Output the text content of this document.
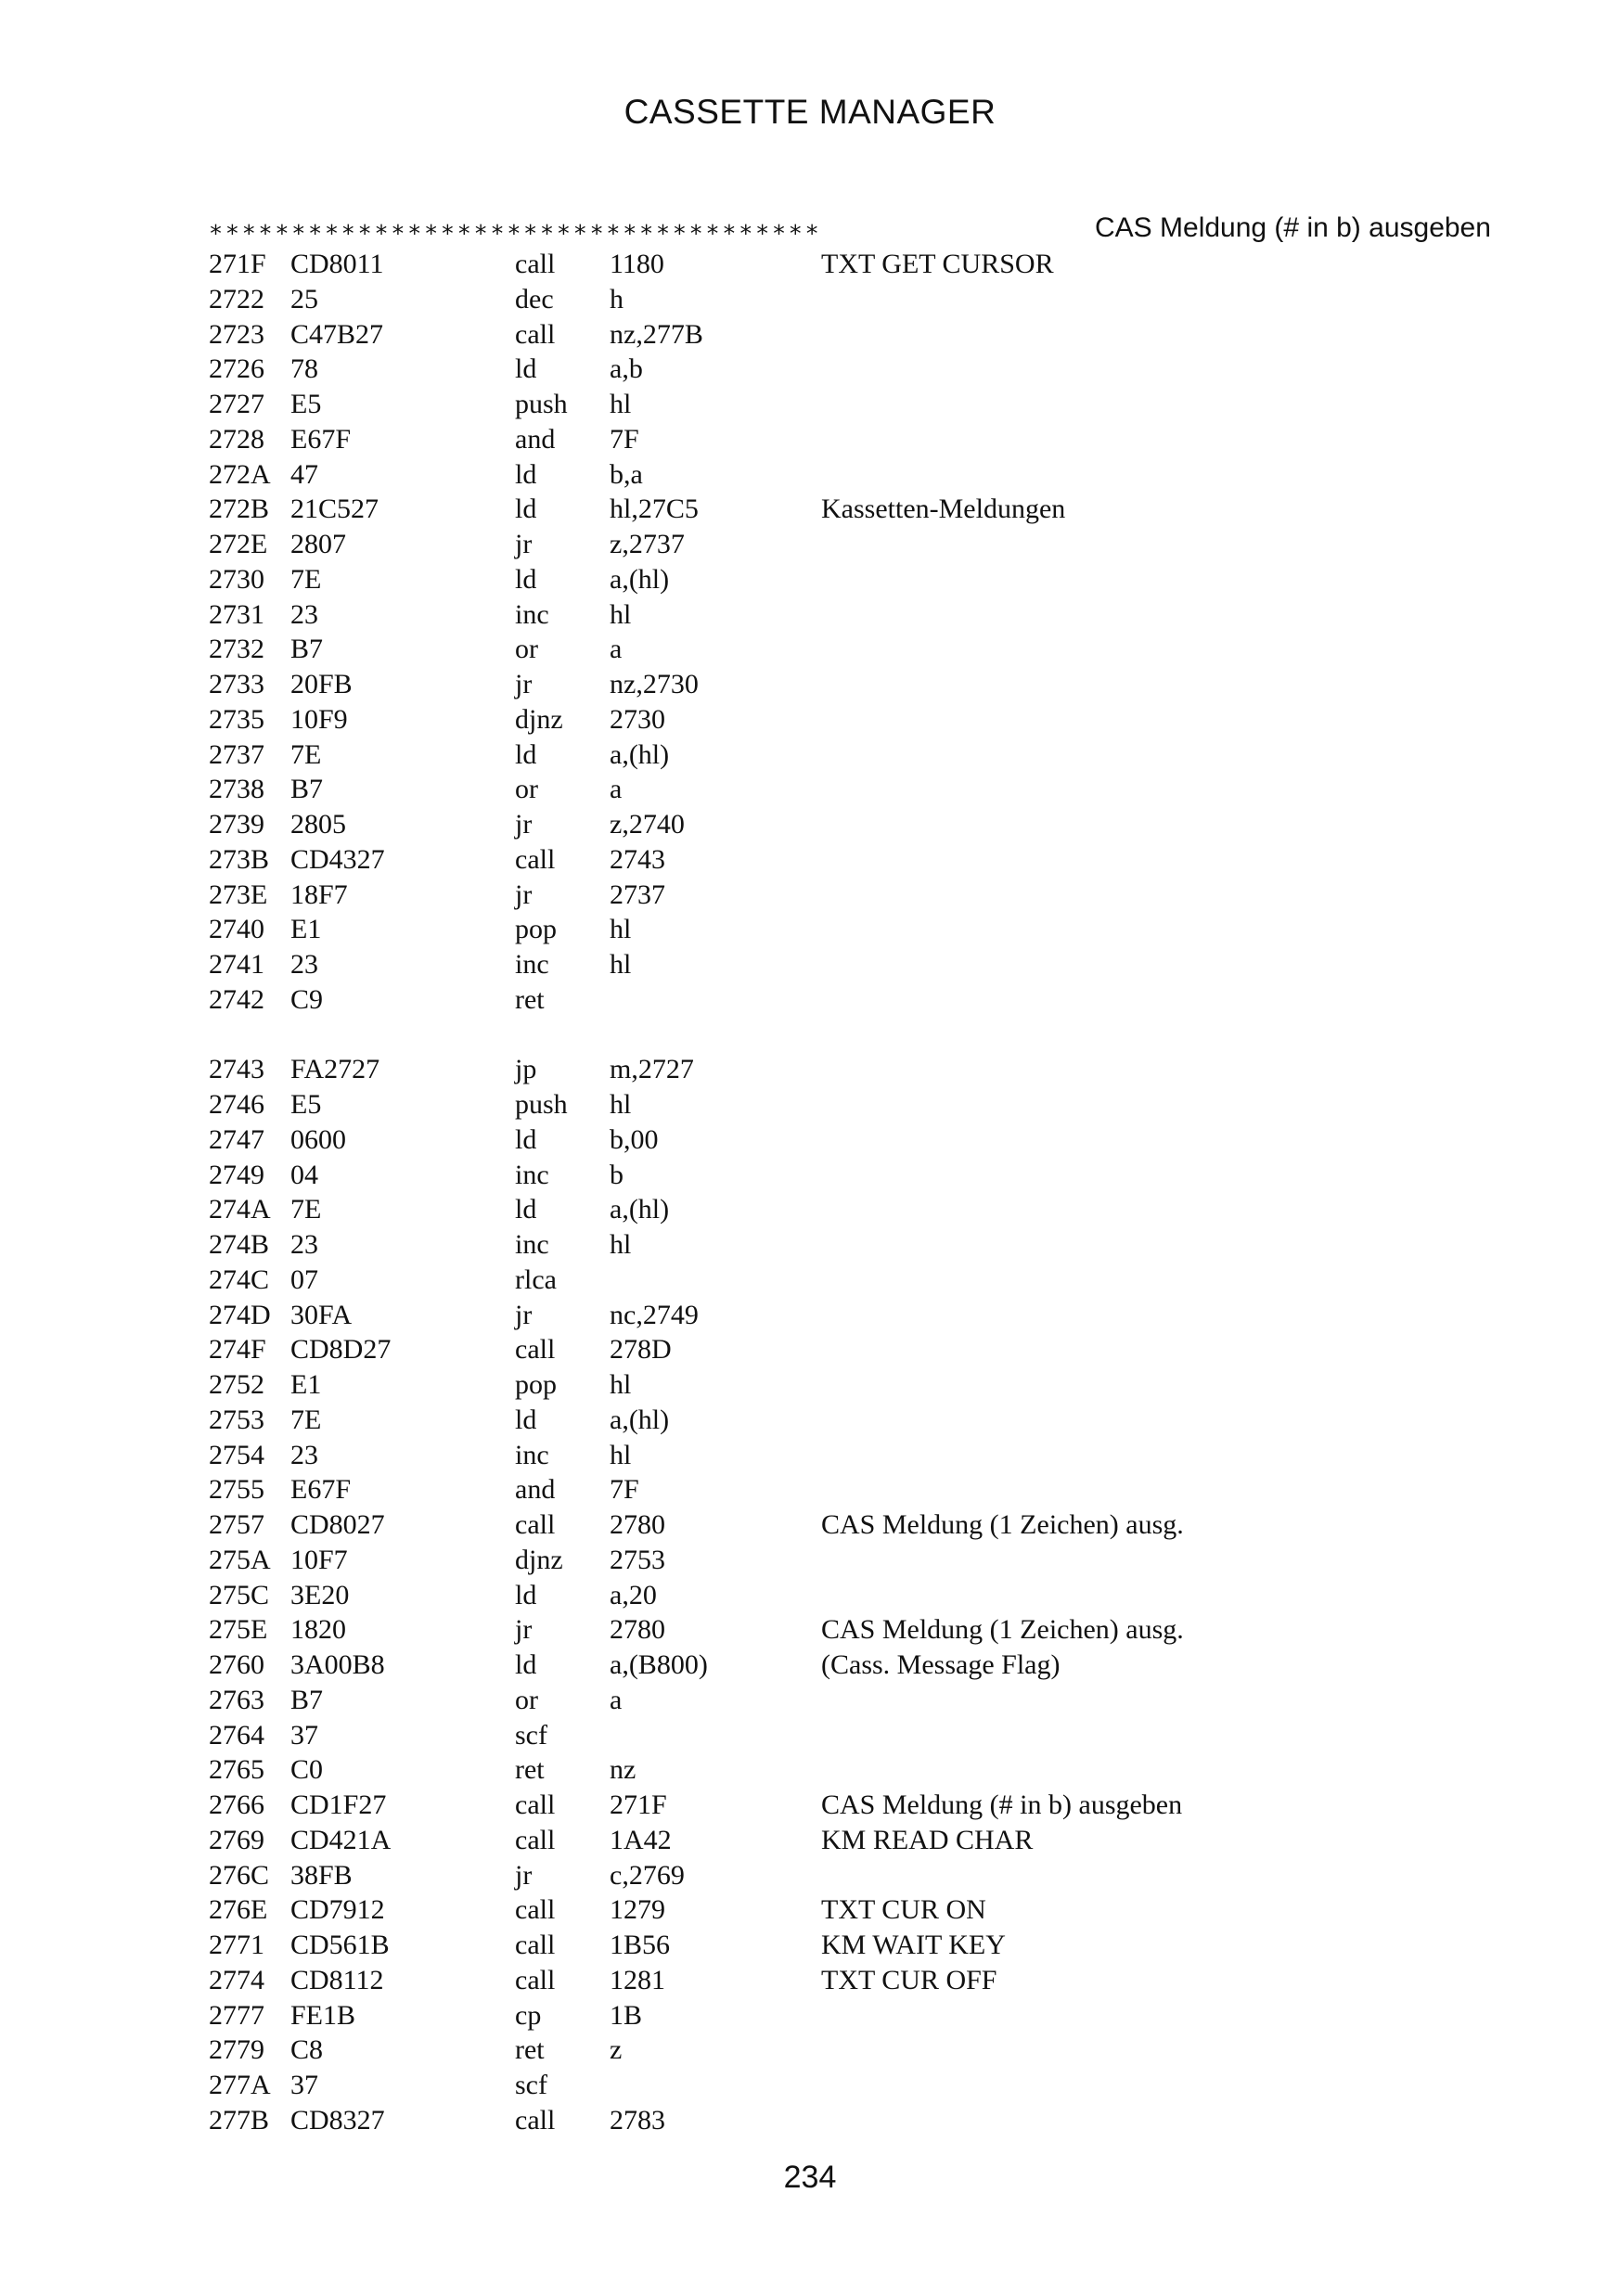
CASSETTE MANAGER
*************************************	CAS Meldung (# in b) ausgeben
271F CD8011	call 1180	TXT GET CURSOR
2722 25	dec h
2723 C47B27	call nz,277B
2726 78	ld	a,b
2727 E5	push hl
2728 E67F	and 7F
272A 47	ld	b,a
272B 21C527	ld	hl,27C5	Kassetten-Meldungen
272E 2807	jr	z,2737
2730 7E	ld	a,(hl)
2731 23	inc hl
2732 B7	or	a
2733 20FB	jr	nz,2730
2735 10F9	djnz 2730
2737 7E	ld	a,(hl)
2738 B7	or	a
2739 2805	jr	z,2740
273B CD4327	call 2743
273E 18F7	jr	2737
2740 E1	pop hl
2741 23	inc hl
2742 C9	ret
2743 FA2727	jp	m,2727
2746 E5	push hl
2747 0600	ld	b,00
2749 04	inc b
274A 7E	ld	a,(hl)
274B 23	inc hl
274C 07	rlca
274D 30FA	jr	nc,2749
274F CD8D27	call 278D
2752 E1	pop hl
2753 7E	ld	a,(hl)
2754 23	inc hl
2755 E67F	and 7F
2757 CD8027	call 2780	CAS Meldung (1 Zeichen) ausg.
275A 10F7	djnz 2753
275C 3E20	ld	a,20
275E 1820	jr	2780	CAS Meldung (1 Zeichen) ausg.
2760 3A00B8	ld	a,(B800)	(Cass. Message Flag)
2763 B7	or	a
2764 37	scf
2765 C0	ret nz
2766 CD1F27	call 271F	CAS Meldung (# in b) ausgeben
2769 CD421A	call 1A42	KM READ CHAR
276C 38FB	jr	c,2769
276E CD7912	call 1279	TXT CUR ON
2771 CD561B	call 1B56	KM WAIT KEY
2774 CD8112	call 1281	TXT CUR OFF
2777 FE1B	cp 1B
2779 C8	ret z
277A 37	scf
277B CD8327	call 2783
234
